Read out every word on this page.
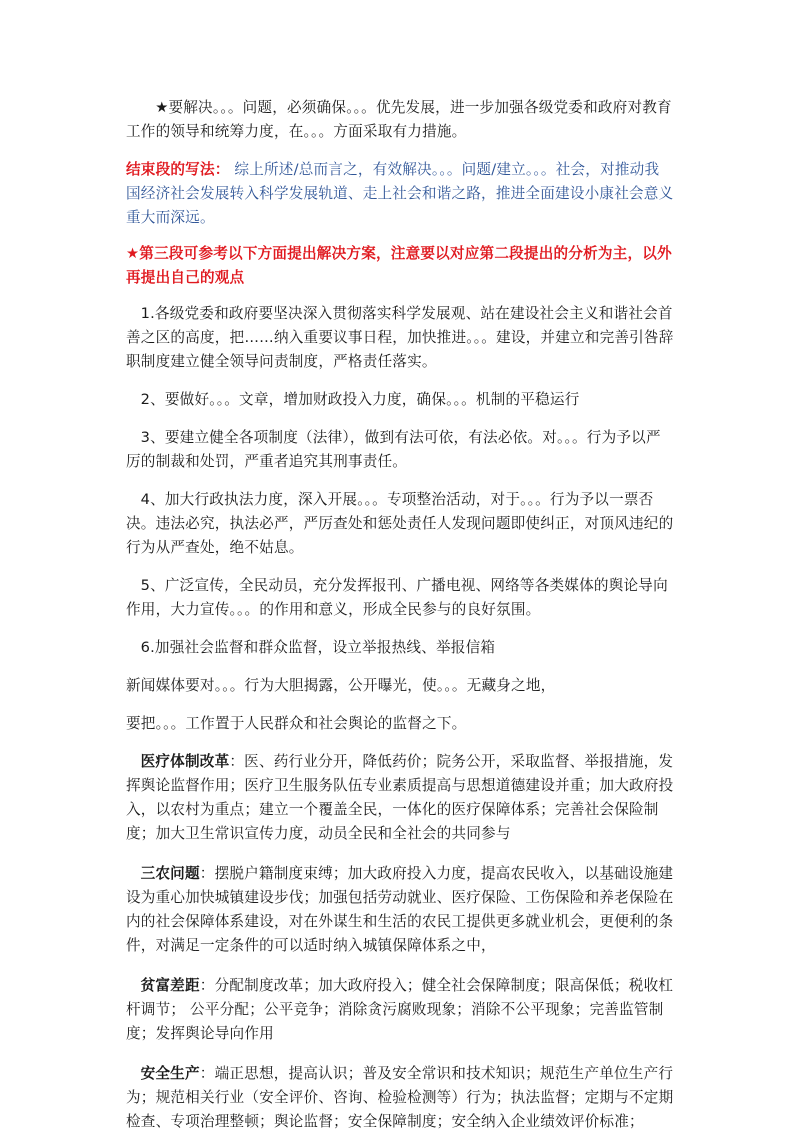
★要解决。。。问题，必须确保。。。优先发展，进一步加强各级党委和政府对教育工作的领导和统筹力度，在。。。方面采取有力措施。

结束段的写法： 综上所述/总而言之，有效解决。。。问题/建立。。。社会，对推动我国经济社会发展转入科学发展轨道、走上社会和谐之路，推进全面建设小康社会意义重大而深远。

★第三段可参考以下方面提出解决方案，注意要以对应第二段提出的分析为主，以外再提出自己的观点

1.各级党委和政府要坚决深入贯彻落实科学发展观、站在建设社会主义和谐社会首善之区的高度，把……纳入重要议事日程，加快推进。。。建设，并建立和完善引咎辞职制度建立健全领导问责制度，严格责任落实。

2、要做好。。。文章，增加财政投入力度，确保。。。机制的平稳运行

3、要建立健全各项制度（法律），做到有法可依，有法必依。对。。。行为予以严厉的制裁和处罚，严重者追究其刑事责任。

4、加大行政执法力度，深入开展。。。专项整治活动，对于。。。行为予以一票否决。违法必究，执法必严，严厉查处和惩处责任人发现问题即使纠正，对顶风违纪的行为从严查处，绝不姑息。

5、广泛宣传，全民动员，充分发挥报刊、广播电视、网络等各类媒体的舆论导向作用，大力宣传。。。的作用和意义，形成全民参与的良好氛围。

6.加强社会监督和群众监督，设立举报热线、举报信箱

新闻媒体要对。。。行为大胆揭露，公开曝光，使。。。无藏身之地，

要把。。。工作置于人民群众和社会舆论的监督之下。

医疗体制改革：医、药行业分开，降低药价；院务公开，采取监督、举报措施，发挥舆论监督作用；医疗卫生服务队伍专业素质提高与思想道德建设并重；加大政府投入，以农村为重点；建立一个覆盖全民，一体化的医疗保障体系；完善社会保险制度；加大卫生常识宣传力度，动员全民和全社会的共同参与

三农问题：摆脱户籍制度束缚；加大政府投入力度，提高农民收入，以基础设施建设为重心加快城镇建设步伐；加强包括劳动就业、医疗保险、工伤保险和养老保险在内的社会保障体系建设，对在外谋生和生活的农民工提供更多就业机会，更便利的条件，对满足一定条件的可以适时纳入城镇保障体系之中，

贫富差距：分配制度改革；加大政府投入；健全社会保障制度；限高保低；税收杠杆调节； 公平分配；公平竞争；消除贪污腐败现象；消除不公平现象；完善监管制度；发挥舆论导向作用

安全生产：端正思想，提高认识；普及安全常识和技术知识；规范生产单位生产行为；规范相关行业（安全评价、咨询、检验检测等）行为；执法监督；定期与不定期检查、专项治理整顿；舆论监督；安全保障制度；安全纳入企业绩效评价标准；
